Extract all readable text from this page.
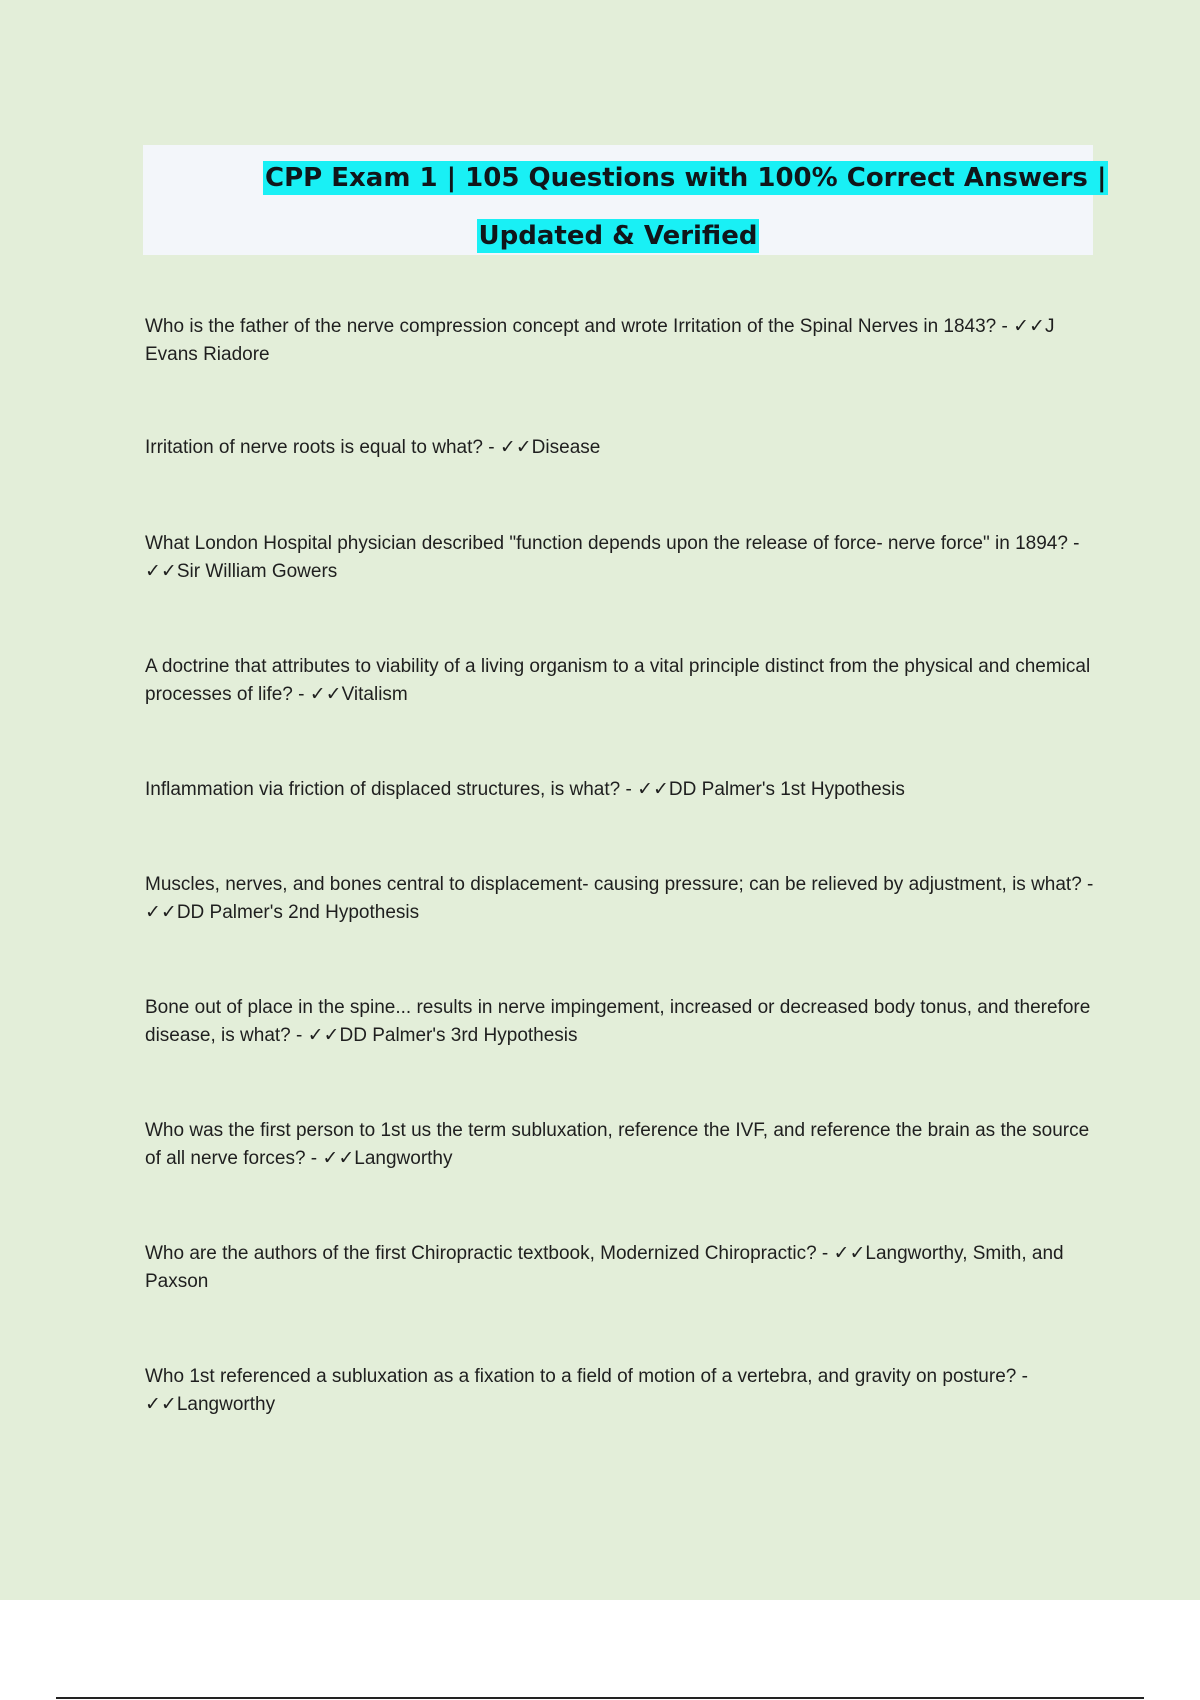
CPP Exam 1 | 105 Questions with 100% Correct Answers |
Updated & Verified
Who is the father of the nerve compression concept and wrote Irritation of the Spinal Nerves in 1843? - ✓✓J Evans Riadore
Irritation of nerve roots is equal to what? - ✓✓Disease
What London Hospital physician described "function depends upon the release of force- nerve force" in 1894? - ✓✓Sir William Gowers
A doctrine that attributes to viability of a living organism to a vital principle distinct from the physical and chemical processes of life? - ✓✓Vitalism
Inflammation via friction of displaced structures, is what? - ✓✓DD Palmer's 1st Hypothesis
Muscles, nerves, and bones central to displacement- causing pressure; can be relieved by adjustment, is what? - ✓✓DD Palmer's 2nd Hypothesis
Bone out of place in the spine... results in nerve impingement, increased or decreased body tonus, and therefore disease, is what? - ✓✓DD Palmer's 3rd Hypothesis
Who was the first person to 1st us the term subluxation, reference the IVF, and reference the brain as the source of all nerve forces? - ✓✓Langworthy
Who are the authors of the first Chiropractic textbook, Modernized Chiropractic? - ✓✓Langworthy, Smith, and Paxson
Who 1st referenced a subluxation as a fixation to a field of motion of a vertebra, and gravity on posture? - ✓✓Langworthy
